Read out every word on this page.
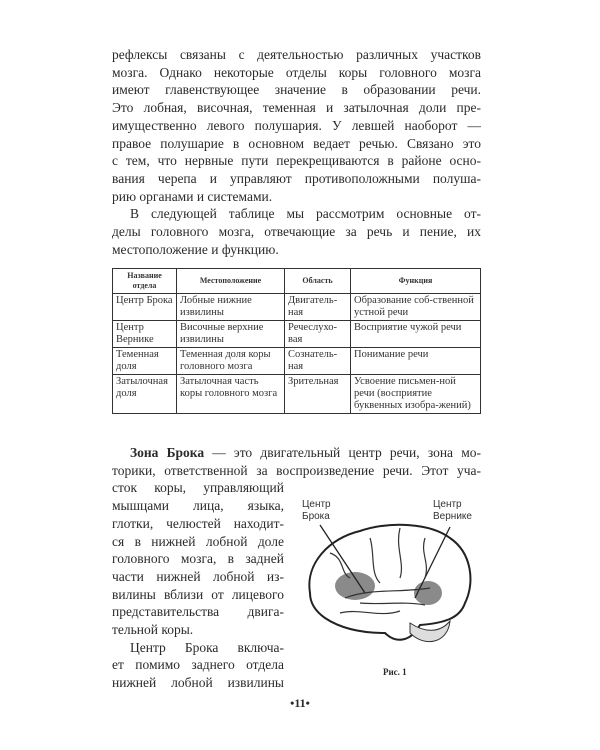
рефлексы связаны с деятельностью различных участков
мозга. Однако некоторые отделы коры головного мозга
имеют главенствующее значение в образовании речи.
Это лобная, височная, теменная и затылочная доли пре-
имущественно левого полушария. У левшей наоборот —
правое полушарие в основном ведает речью. Связано это
с тем, что нервные пути перекрещиваются в районе осно-
вания черепа и управляют противоположными полуша-
рию органами и системами.
В следующей таблице мы рассмотрим основные от-
делы головного мозга, отвечающие за речь и пение, их
местоположение и функцию.
Зона Брока — это двигательный центр речи, зона мо-
торики, ответственной за воспроизведение речи. Этот уча-
сток коры, управляющий
мышцами лица, языка,
глотки, челюстей находит-
ся в нижней лобной доле
головного мозга, в задней
части нижней лобной из-
вилины вблизи от лицевого
представительства двига-
тельной коры.
Центр Брока включа-
ет помимо заднего отдела
нижней лобной извилины
Название отдела	Местоположение	Область	Функция
Центр Брока	Лобные нижние извилины	Двигатель-ная	Образование соб-ственной устной речи
Центр Вернике	Височные верхние извилины	Речеслухо-вая	Восприятие чужой речи
Теменная доля	Теменная доля коры головного мозга	Сознатель-ная	Понимание речи
Затылочная доля	Затылочная часть коры головного мозга	Зрительная	Усвоение письмен-ной речи (восприятие буквенных изобра-жений)
Центр
Брока
Центр
Вернике
Рис. 1
•11•
